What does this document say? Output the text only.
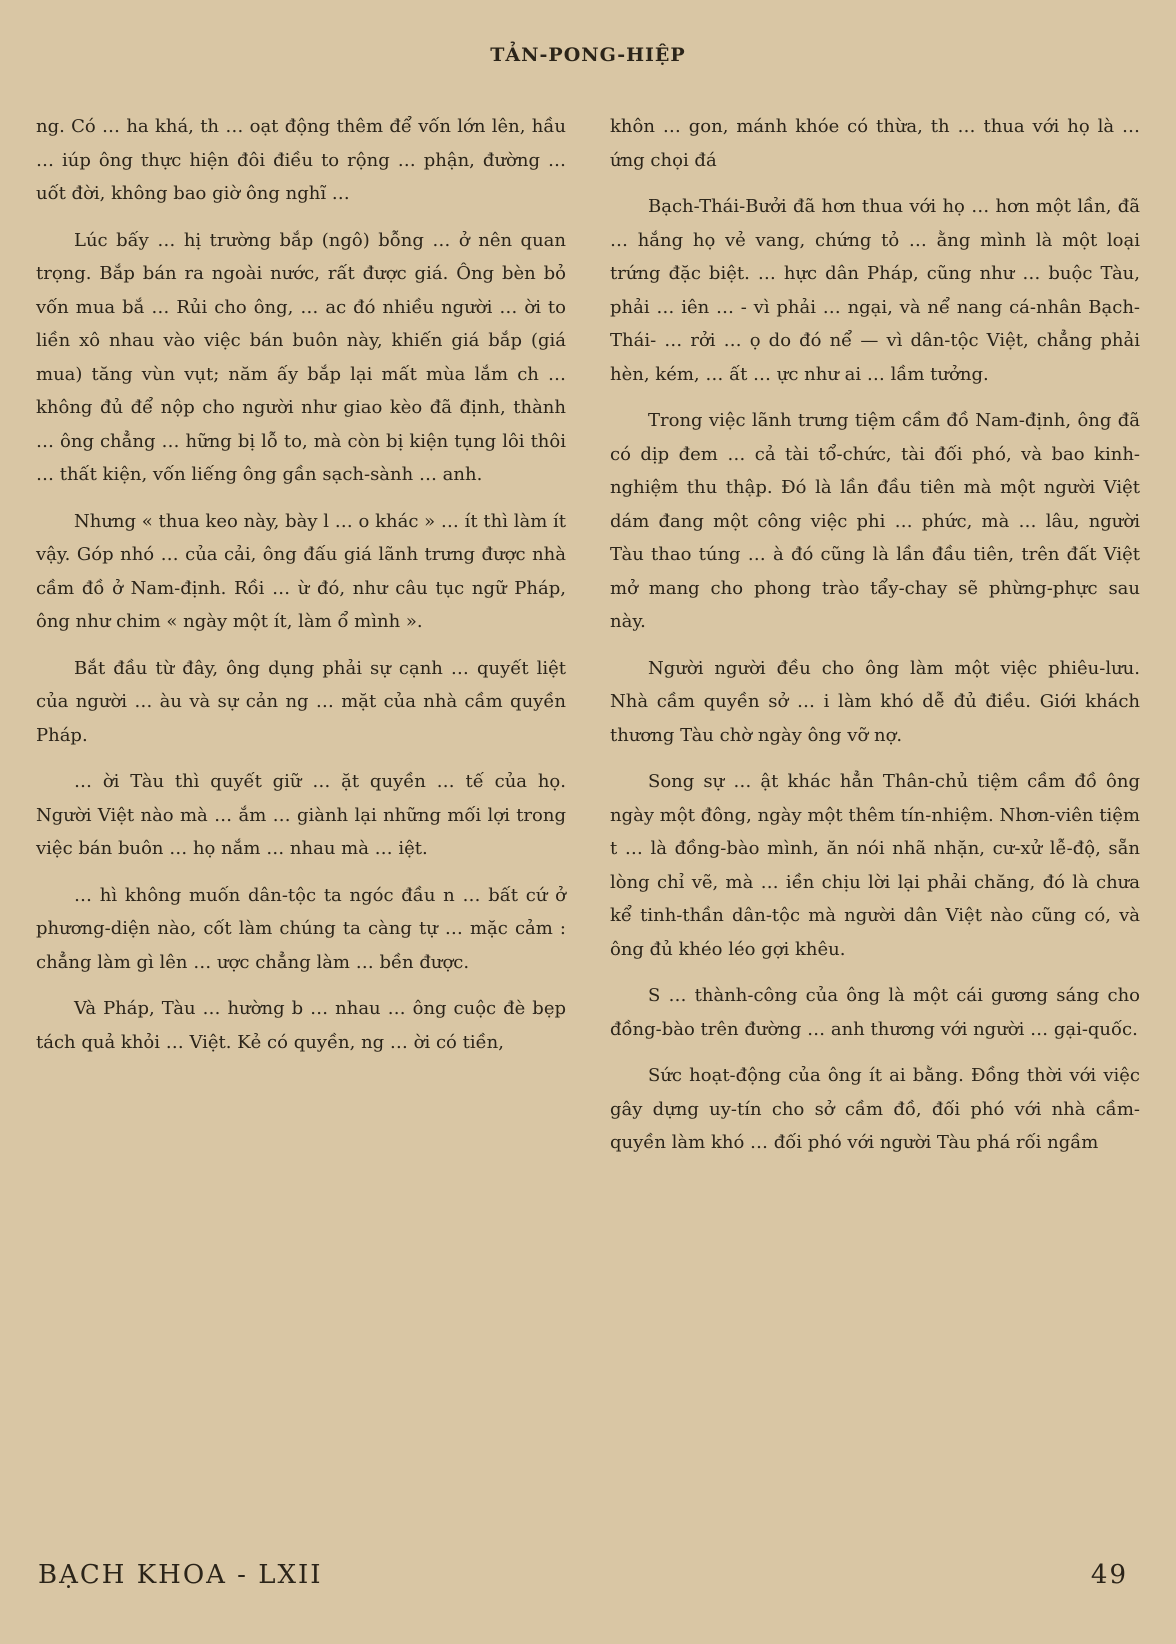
TẢN-PONG-HIỆP

ng. Có … ha khá, th … oạt động thêm để vốn lớn lên, hầu … iúp ông thực hiện đôi điều to rộng … phận, đường … uốt đời, không bao giờ ông nghĩ …

Lúc bấy … hị trường bắp (ngô) bỗng … ở nên quan trọng. Bắp bán ra ngoài nước, rất được giá. Ông bèn bỏ vốn mua bắ … Rủi cho ông, … ac đó nhiều người … ời to liền xô nhau vào việc bán buôn này, khiến giá bắp (giá mua) tăng vùn vụt; năm ấy bắp lại mất mùa lắm ch … không đủ để nộp cho người như giao kèo đã định, thành … ông chẳng … hững bị lỗ to, mà còn bị kiện tụng lôi thôi … thất kiện, vốn liếng ông gần sạch-sành … anh.

Nhưng « thua keo này, bày l … o khác » … ít thì làm ít vậy. Góp nhó … của cải, ông đấu giá lãnh trưng được nhà cầm đồ ở Nam-định. Rồi … ừ đó, như câu tục ngữ Pháp, ông như chim « ngày một ít, làm ổ mình ».

Bắt đầu từ đây, ông dụng phải sự cạnh … quyết liệt của người … àu và sự cản ng … mặt của nhà cầm quyền Pháp.

… ời Tàu thì quyết giữ … ặt quyền … tế của họ. Người Việt nào mà … ắm … giành lại những mối lợi trong việc bán buôn … họ nắm … nhau mà … iệt.

… hì không muốn dân-tộc ta ngóc đầu n … bất cứ ở phương-diện nào, cốt làm chúng ta càng tự … mặc cảm : chẳng làm gì lên … ược chẳng làm … bền được.

Và Pháp, Tàu … hường b … nhau … ông cuộc đè bẹp tách quả khỏi … Việt. Kẻ có quyền, ng … ời có tiền,

khôn … gon, mánh khóe có thừa, th … thua với họ là … ứng chọi đá

Bạch-Thái-Bưởi đã hơn thua với họ … hơn một lần, đã … hắng họ vẻ vang, chứng tỏ … ằng mình là một loại trứng đặc biệt. … hực dân Pháp, cũng như … buộc Tàu, phải … iên … - vì phải … ngại, và nể nang cá-nhân Bạch-Thái- … rởi … ọ do đó nể — vì dân-tộc Việt, chẳng phải hèn, kém, … ất … ực như ai … lầm tưởng.

Trong việc lãnh trưng tiệm cầm đồ Nam-định, ông đã có dịp đem … cả tài tổ-chức, tài đối phó, và bao kinh-nghiệm thu thập. Đó là lần đầu tiên mà một người Việt dám đang một công việc phi … phức, mà … lâu, người Tàu thao túng … à đó cũng là lần đầu tiên, trên đất Việt mở mang cho phong trào tẩy-chay sẽ phừng-phực sau này.

Người người đều cho ông làm một việc phiêu-lưu. Nhà cầm quyền sở … i làm khó dễ đủ điều. Giới khách thương Tàu chờ ngày ông vỡ nợ.

Song sự … ật khác hẳn Thân-chủ tiệm cầm đồ ông ngày một đông, ngày một thêm tín-nhiệm. Nhơn-viên tiệm t … là đồng-bào mình, ăn nói nhã nhặn, cư-xử lễ-độ, sẵn lòng chỉ vẽ, mà … iền chịu lời lại phải chăng, đó là chưa kể tinh-thần dân-tộc mà người dân Việt nào cũng có, và ông đủ khéo léo gợi khêu.

S … thành-công của ông là một cái gương sáng cho đồng-bào trên đường … anh thương với người … gại-quốc.

Sức hoạt-động của ông ít ai bằng. Đồng thời với việc gây dựng uy-tín cho sở cầm đồ, đối phó với nhà cầm-quyền làm khó … đối phó với người Tàu phá rối ngầm

BẠCH KHOA - LXII	49
